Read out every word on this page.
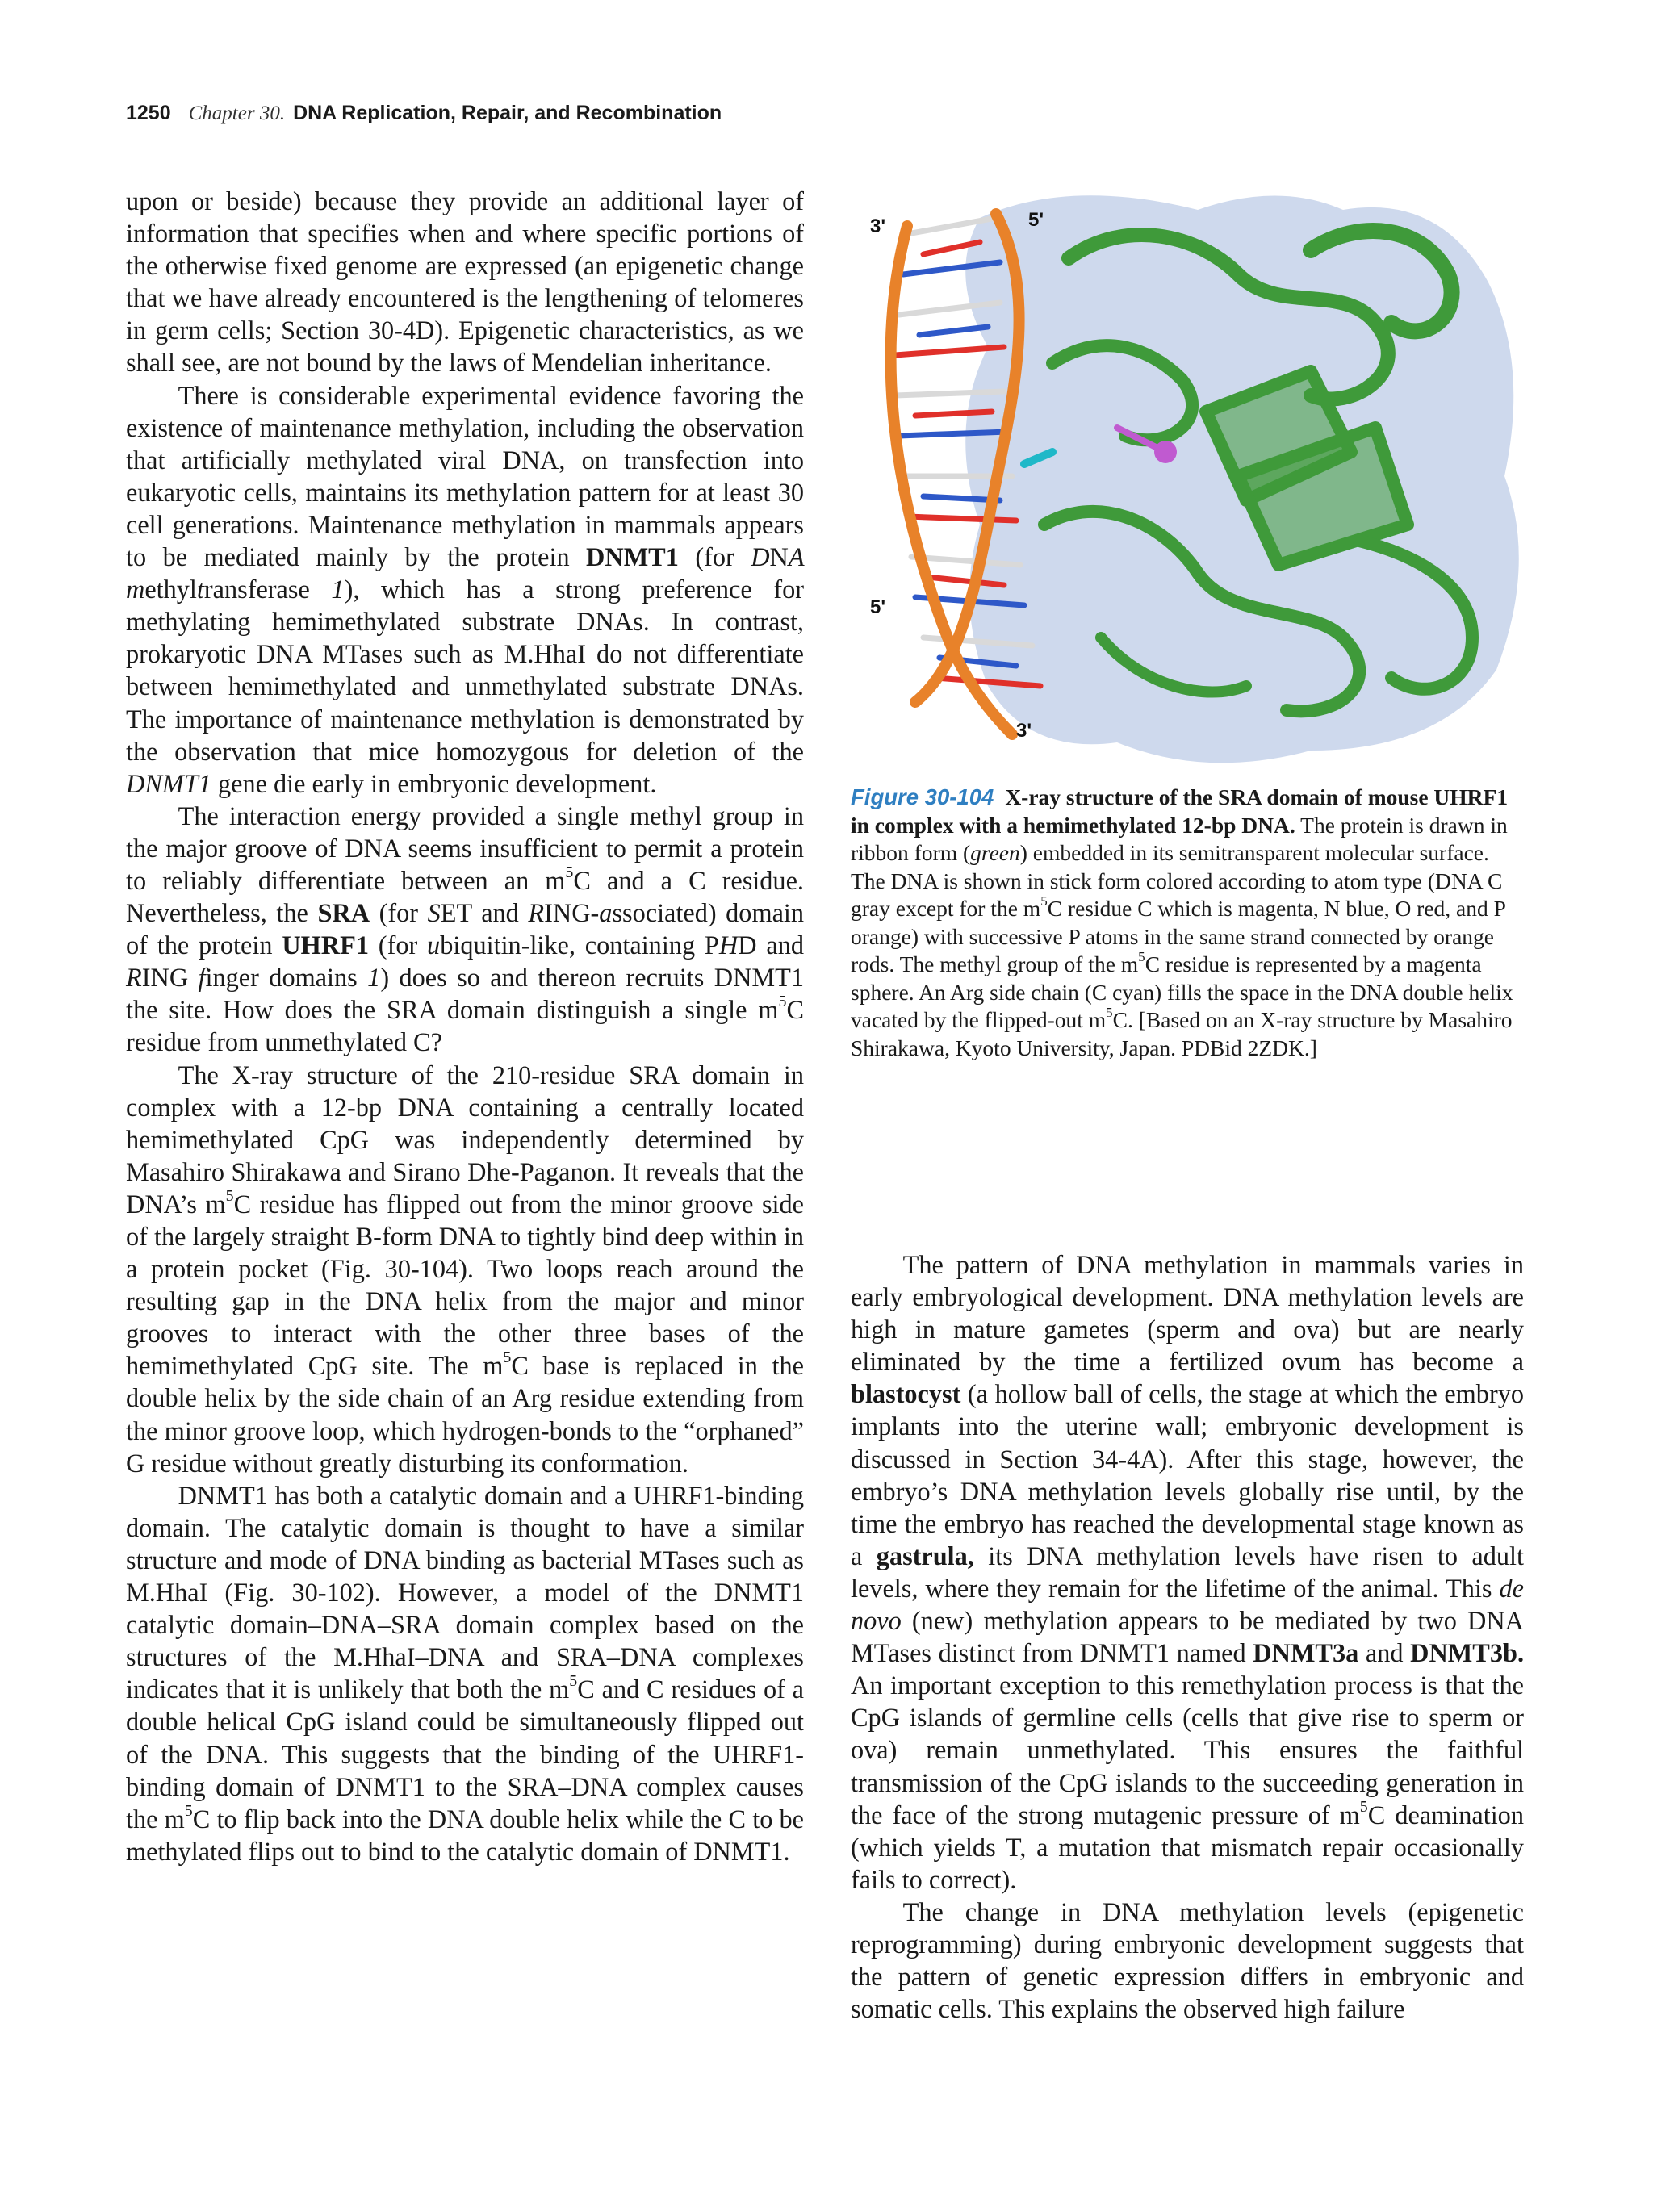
1250 Chapter 30. DNA Replication, Repair, and Recombination

upon or beside) because they provide an additional layer of information that specifies when and where specific portions of the otherwise fixed genome are expressed (an epigenetic change that we have already encountered is the lengthening of telomeres in germ cells; Section 30-4D). Epigenetic characteristics, as we shall see, are not bound by the laws of Mendelian inheritance.

There is considerable experimental evidence favoring the existence of maintenance methylation, including the observation that artificially methylated viral DNA, on transfection into eukaryotic cells, maintains its methylation pattern for at least 30 cell generations. Maintenance methylation in mammals appears to be mediated mainly by the protein DNMT1 (for DNA methyltransferase 1), which has a strong preference for methylating hemimethylated substrate DNAs. In contrast, prokaryotic DNA MTases such as M.HhaI do not differentiate between hemimethylated and unmethylated substrate DNAs. The importance of maintenance methylation is demonstrated by the observation that mice homozygous for deletion of the DNMT1 gene die early in embryonic development.

The interaction energy provided a single methyl group in the major groove of DNA seems insufficient to permit a protein to reliably differentiate between an $m^5C$ and a C residue. Nevertheless, the SRA (for SET and RING-associated) domain of the protein UHRF1 (for ubiquitin-like, containing PHD and RING finger domains 1) does so and thereon recruits DNMT1 the site. How does the SRA domain distinguish a single $m^5C$ residue from unmethylated C?

The X-ray structure of the 210-residue SRA domain in complex with a 12-bp DNA containing a centrally located hemimethylated CpG was independently determined by Masahiro Shirakawa and Sirano Dhe-Paganon. It reveals that the DNA’s $m^5C$ residue has flipped out from the minor groove side of the largely straight B-form DNA to tightly bind deep within in a protein pocket (Fig. 30-104). Two loops reach around the resulting gap in the DNA helix from the major and minor grooves to interact with the other three bases of the hemimethylated CpG site. The $m^5C$ base is replaced in the double helix by the side chain of an Arg residue extending from the minor groove loop, which hydrogen-bonds to the “orphaned” G residue without greatly disturbing its conformation.

DNMT1 has both a catalytic domain and a UHRF1-binding domain. The catalytic domain is thought to have a similar structure and mode of DNA binding as bacterial MTases such as M.HhaI (Fig. 30-102). However, a model of the DNMT1 catalytic domain–DNA–SRA domain complex based on the structures of the M.HhaI–DNA and SRA–DNA complexes indicates that it is unlikely that both the $m^5C$ and C residues of a double helical CpG island could be simultaneously flipped out of the DNA. This suggests that the binding of the UHRF1-binding domain of DNMT1 to the SRA–DNA complex causes the $m^5C$ to flip back into the DNA double helix while the C to be methylated flips out to bind to the catalytic domain of DNMT1.

3'	5'
5'
3'
Figure 30-104 X-ray structure of the SRA domain of mouse UHRF1 in complex with a hemimethylated 12-bp DNA. The protein is drawn in ribbon form (green) embedded in its semitransparent molecular surface. The DNA is shown in stick form colored according to atom type (DNA C gray except for the $m^5C$ residue C which is magenta, N blue, O red, and P orange) with successive P atoms in the same strand connected by orange rods. The methyl group of the $m^5C$ residue is represented by a magenta sphere. An Arg side chain (C cyan) fills the space in the DNA double helix vacated by the flipped-out $m^5C$. [Based on an X-ray structure by Masahiro Shirakawa, Kyoto University, Japan. PDBid 2ZDK.]

The pattern of DNA methylation in mammals varies in early embryological development. DNA methylation levels are high in mature gametes (sperm and ova) but are nearly eliminated by the time a fertilized ovum has become a blastocyst (a hollow ball of cells, the stage at which the embryo implants into the uterine wall; embryonic development is discussed in Section 34-4A). After this stage, however, the embryo’s DNA methylation levels globally rise until, by the time the embryo has reached the developmental stage known as a gastrula, its DNA methylation levels have risen to adult levels, where they remain for the lifetime of the animal. This de novo (new) methylation appears to be mediated by two DNA MTases distinct from DNMT1 named DNMT3a and DNMT3b. An important exception to this remethylation process is that the CpG islands of germline cells (cells that give rise to sperm or ova) remain unmethylated. This ensures the faithful transmission of the CpG islands to the succeeding generation in the face of the strong mutagenic pressure of $m^5C$ deamination (which yields T, a mutation that mismatch repair occasionally fails to correct).

The change in DNA methylation levels (epigenetic reprogramming) during embryonic development suggests that the pattern of genetic expression differs in embryonic and somatic cells. This explains the observed high failure
